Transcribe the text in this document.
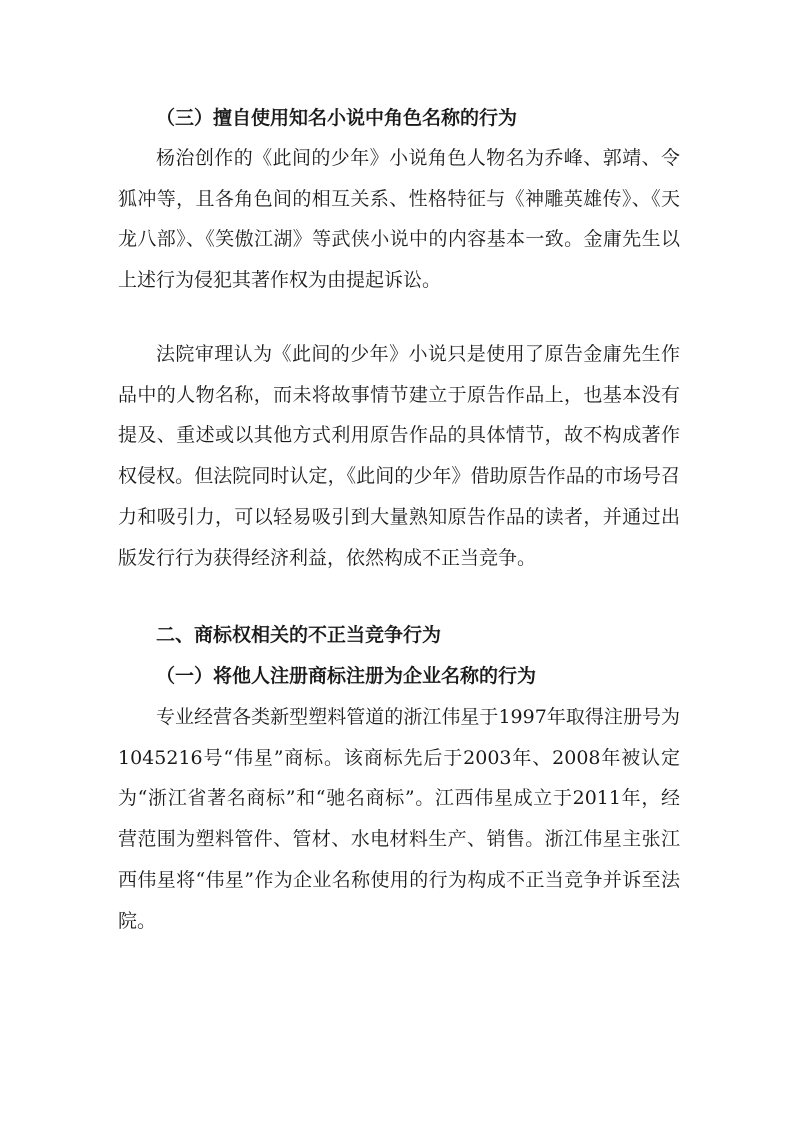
（三）擅自使用知名小说中角色名称的行为

杨治创作的《此间的少年》小说角色人物名为乔峰、郭靖、令狐冲等，且各角色间的相互关系、性格特征与《神雕英雄传》、《天龙八部》、《笑傲江湖》等武侠小说中的内容基本一致。金庸先生以上述行为侵犯其著作权为由提起诉讼。

法院审理认为《此间的少年》小说只是使用了原告金庸先生作品中的人物名称，而未将故事情节建立于原告作品上，也基本没有提及、重述或以其他方式利用原告作品的具体情节，故不构成著作权侵权。但法院同时认定，《此间的少年》借助原告作品的市场号召力和吸引力，可以轻易吸引到大量熟知原告作品的读者，并通过出版发行行为获得经济利益，依然构成不正当竞争。

二、商标权相关的不正当竞争行为
（一）将他人注册商标注册为企业名称的行为

专业经营各类新型塑料管道的浙江伟星于1997年取得注册号为1045216号“伟星”商标。该商标先后于2003年、2008年被认定为“浙江省著名商标”和“驰名商标”。江西伟星成立于2011年，经营范围为塑料管件、管材、水电材料生产、销售。浙江伟星主张江西伟星将“伟星”作为企业名称使用的行为构成不正当竞争并诉至法院。
